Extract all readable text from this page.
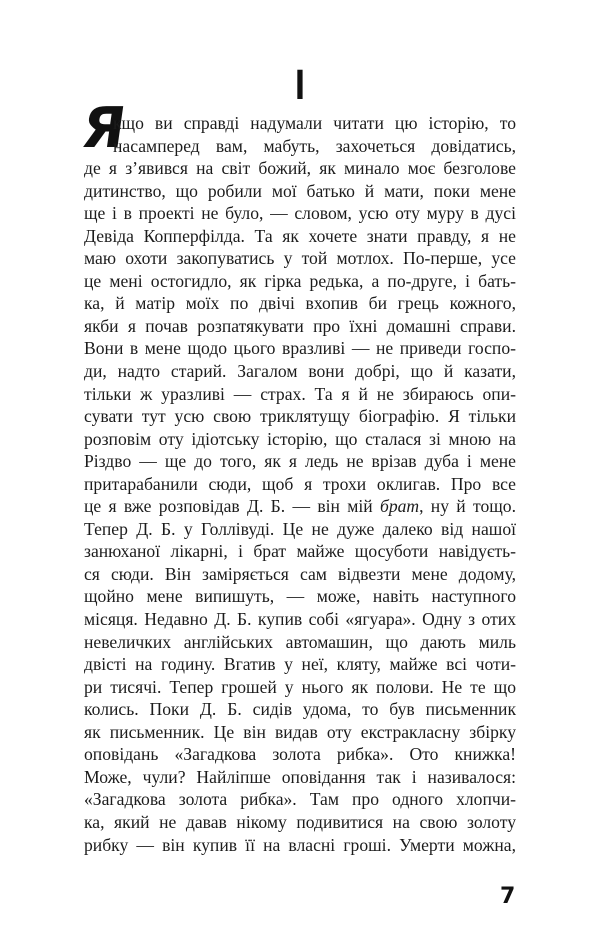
I
Я
кщо ви справді надумали читати цю історію, то
насамперед вам, мабуть, захочеться довідатись,
де я з’явився на світ божий, як минало моє безголове
дитинство, що робили мої батько й мати, поки мене
ще і в проекті не було, — словом, усю оту муру в дусі
Девіда Копперфілда. Та як хочете знати правду, я не
маю охоти закопуватись у той мотлох. По-перше, усе
це мені остогидло, як гірка редька, а по-друге, і бать-
ка, й матір моїх по двічі вхопив би грець кожного,
якби я почав розпатякувати про їхні домашні справи.
Вони в мене щодо цього вразливі — не приведи госпо-
ди, надто старий. Загалом вони добрі, що й казати,
тільки ж уразливі — страх. Та я й не збираюсь опи-
сувати тут усю свою триклятущу біографію. Я тільки
розповім оту ідіотську історію, що сталася зі мною на
Різдво — ще до того, як я ледь не врізав дуба і мене
притарабанили сюди, щоб я трохи оклигав. Про все
це я вже розповідав Д. Б. — він мій брат, ну й тощо.
Тепер Д. Б. у Голлівуді. Це не дуже далеко від нашої
занюханої лікарні, і брат майже щосуботи навідуєть-
ся сюди. Він заміряється сам відвезти мене додому,
щойно мене випишуть, — може, навіть наступного
місяця. Недавно Д. Б. купив собі «ягуара». Одну з отих
невеличких англійських автомашин, що дають миль
двісті на годину. Вгатив у неї, кляту, майже всі чоти-
ри тисячі. Тепер грошей у нього як полови. Не те що
колись. Поки Д. Б. сидів удома, то був письменник
як письменник. Це він видав оту екстракласну збірку
оповідань «Загадкова золота рибка». Ото книжка!
Може, чули? Найліпше оповідання так і називалося:
«Загадкова золота рибка». Там про одного хлопчи-
ка, який не давав нікому подивитися на свою золоту
рибку — він купив її на власні гроші. Умерти можна,
7
